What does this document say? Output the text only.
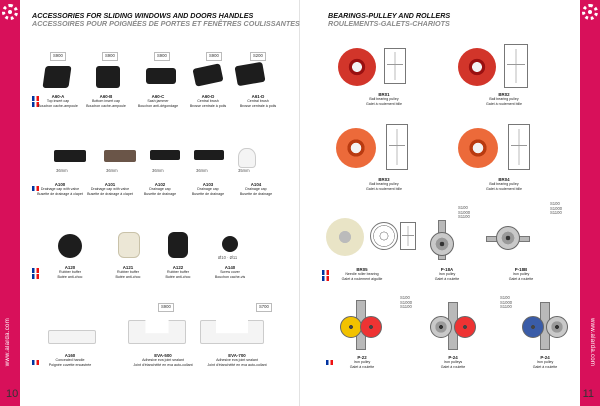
www.alarda.com
10
ACCESSORIES FOR SLIDING WINDOWS AND DOORS HANDLES
ACCESSOIRES POUR POIGNÉES DE PORTES ET FENÊTRES COULISSANTES
S900	S900	S900	S900	S200
A60-A
Top insert cap
Bouchon cache-ampoule
A60-B
Bottom insert cap
Bouchon cache-ampoule
A60-C
Sash jammer
Bouchon anti-dégondage
A60-D
Central brush
Brosse centrale à poils
A61-D
Central brush
Brosse centrale à poils
36mm	36mm	36mm	36mm	35mm
A100
Drainage cap with valve
Busette de drainage à clapet
A101
Drainage cap with valve
Busette de drainage à clapet
A102
Drainage cap
Busette de drainage
A103
Drainage cap
Busette de drainage
A104
Drainage cap
Busette de drainage
Ø10 · Ø11
A120
Rubber buffer
Butée anti-choc
A121
Rubber buffer
Butée anti-choc
A122
Rubber buffer
Butée anti-choc
A140
Screw cover
Bouchon cache-vis
S900	S700
A160
Concealed handle
Poignée cuvette encastrée
EVA-500
Adhesive eva joint sealant
Joint d'étanchéité en eva auto-collant
EVA-700
Adhesive eva joint sealant
Joint d'étanchéité en eva auto-collant	www.alarda.com
11
BEARINGS-PULLEY AND ROLLERS
ROULEMENTS-GALETS-CHARIOTS
BR01
Ball bearing pulley
Galet à roulement bille
BR02
Ball bearing pulley
Galet à roulement bille
BR03
Ball bearing pulley
Galet à roulement bille
BR04
Ball bearing pulley
Galet à roulement bille
S100
S1000
S1100
S100
S1000
S1100
BR05
Needle roller bearing
Galet à roulement aiguille
P-18A
Iron pulley
Galet à roulette
P-18B
Iron pulley
Galet à roulette
S100
S1000
S1100
S100
S1000
S1100
P-22
Iron pulley
Galet à roulette
P-24
Iron pulleys
Galet à roulette
P-24
Iron pulley
Galet à roulette
